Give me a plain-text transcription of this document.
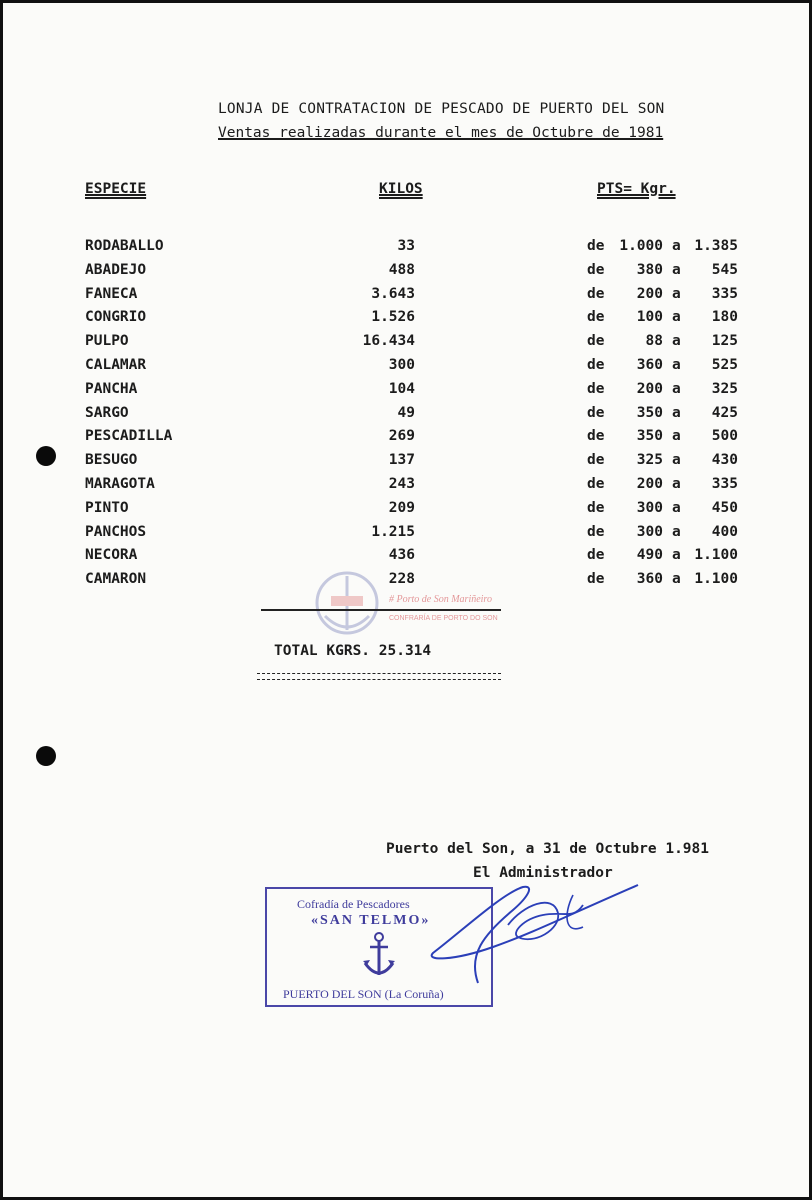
LONJA DE CONTRATACION DE PESCADO DE PUERTO DEL SON
Ventas realizadas durante el mes de Octubre de 1981
ESPECIE	KILOS	PTS= Kgr.
# Porto de Son Mariñeiro
CONFRARÍA DE PORTO DO SON
RODABALLO	33	de	1.000 a 1.385
ABADEJO	488	de	380 a	545
FANECA	3.643	de	200 a	335
CONGRIO	1.526	de	100 a	180
PULPO	16.434	de	88 a	125
CALAMAR	300	de	360 a	525
PANCHA	104	de	200 a	325
SARGO	49	de	350 a	425
PESCADILLA	269	de	350 a	500
BESUGO	137	de	325 a	430
MARAGOTA	243	de	200 a	335
PINTO	209	de	300 a	450
PANCHOS	1.215	de	300 a	400
NECORA	436	de	490 a 1.100
CAMARON	228	de	360 a 1.100
TOTAL KGRS. 25.314
Puerto del Son, a 31 de Octubre 1.981
El Administrador
Cofradía de Pescadores
«SAN TELMO»
PUERTO DEL SON (La Coruña)
